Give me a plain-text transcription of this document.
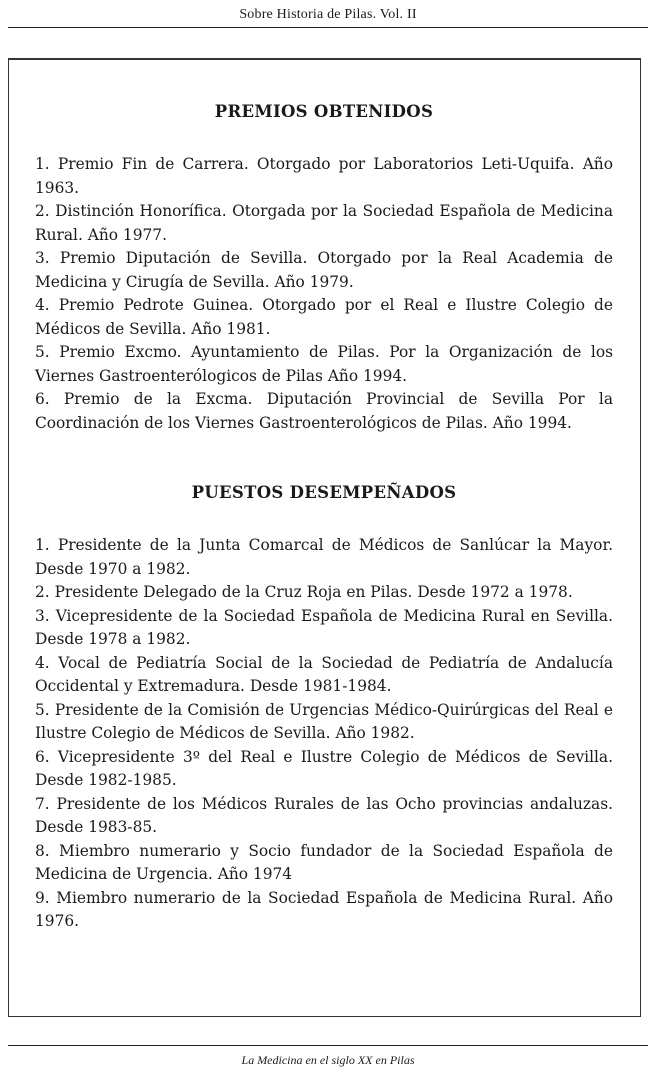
Sobre Historia de Pilas. Vol. II
PREMIOS OBTENIDOS
1. Premio Fin de Carrera. Otorgado por Laboratorios Leti-Uquifa. Año 1963.
2. Distinción Honorífica. Otorgada por la Sociedad Española de Medicina Rural. Año 1977.
3. Premio Diputación de Sevilla. Otorgado por la Real Academia de Medicina y Cirugía de Sevilla. Año 1979.
4. Premio Pedrote Guinea. Otorgado por el Real e Ilustre Colegio de Médicos de Sevilla. Año 1981.
5. Premio Excmo. Ayuntamiento de Pilas. Por la Organización de los Viernes Gastroenterólogicos de Pilas Año 1994.
6. Premio de la Excma. Diputación Provincial de Sevilla Por la Coordinación de los Viernes Gastroenterológicos de Pilas. Año 1994.
PUESTOS DESEMPEÑADOS
1. Presidente de la Junta Comarcal de Médicos de Sanlúcar la Mayor. Desde 1970 a 1982.
2. Presidente Delegado de la Cruz Roja en Pilas. Desde 1972 a 1978.
3. Vicepresidente de la Sociedad Española de Medicina Rural en Sevilla. Desde 1978 a 1982.
4. Vocal de Pediatría Social de la Sociedad de Pediatría de Andalucía Occidental y Extremadura. Desde 1981-1984.
5. Presidente de la Comisión de Urgencias Médico-Quirúrgicas del Real e Ilustre Colegio de Médicos de Sevilla. Año 1982.
6. Vicepresidente 3º del Real e Ilustre Colegio de Médicos de Sevilla. Desde 1982-1985.
7. Presidente de los Médicos Rurales de las Ocho provincias andaluzas. Desde 1983-85.
8. Miembro numerario y Socio fundador de la Sociedad Española de Medicina de Urgencia. Año 1974
9. Miembro numerario de la Sociedad Española de Medicina Rural. Año 1976.
La Medicina en el siglo XX en Pilas
